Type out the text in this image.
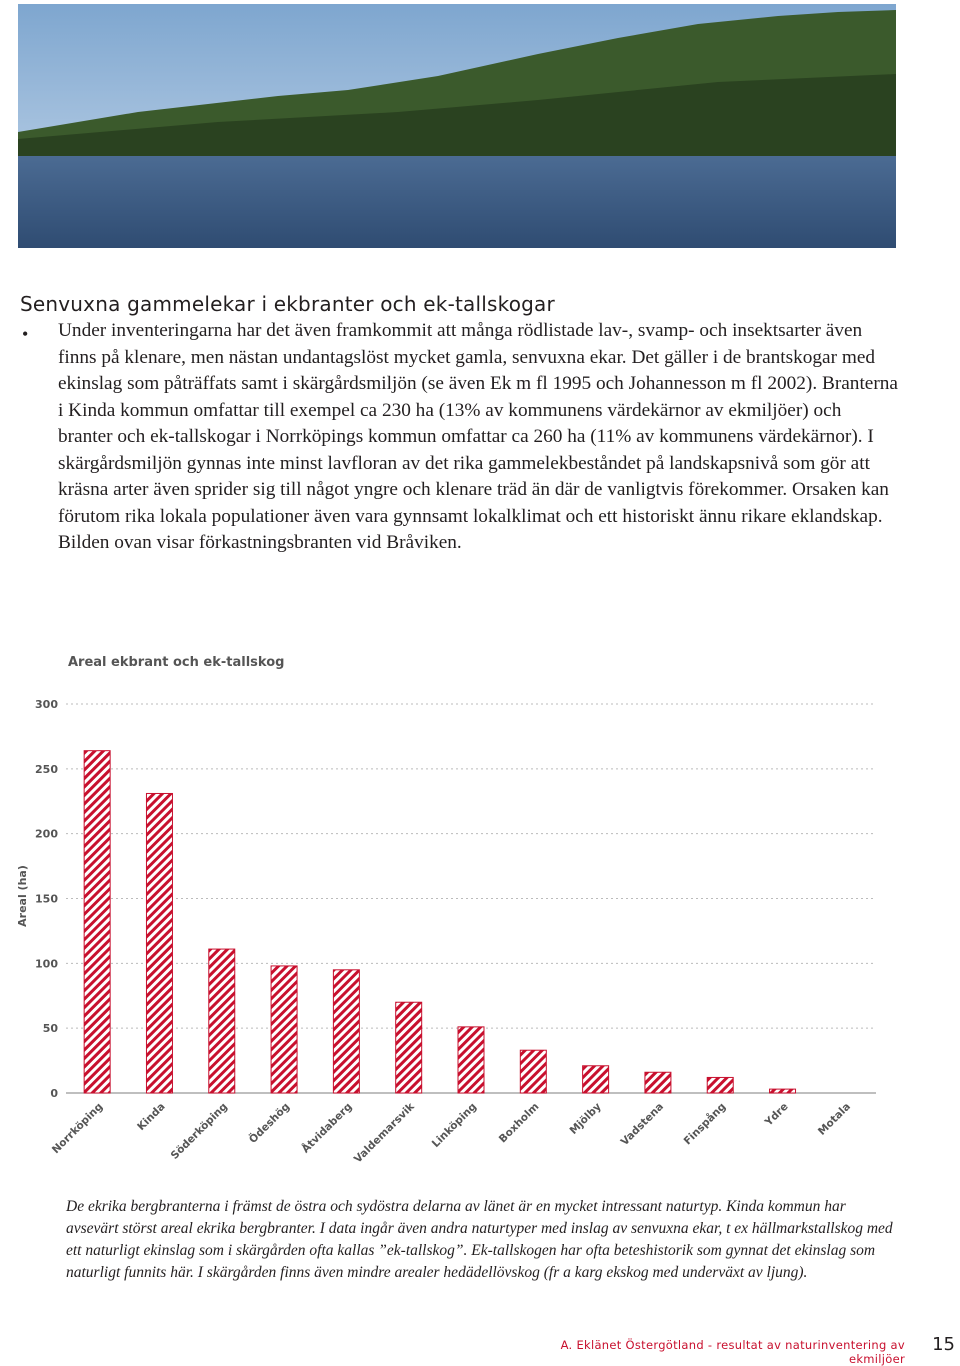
Senvuxna gammelekar i ekbranter och ek-tallskogar
• Under inventeringarna har det även framkommit att många rödlistade lav-, svamp- och insektsarter även finns på klenare, men nästan undantagslöst mycket gamla, senvuxna ekar. Det gäller i de brantskogar med ekinslag som påträffats samt i skärgårdsmiljön (se även Ek m fl 1995 och Johannesson m fl 2002). Branterna i Kinda kommun omfattar till exempel ca 230 ha (13% av kommunens värdekärnor av ekmiljöer) och branter och ek-tallskogar i Norrköpings kommun omfattar ca 260 ha (11% av kommunens värdekärnor). I skärgårdsmiljön gynnas inte minst lavfloran av det rika gammelekbeståndet på landskapsnivå som gör att kräsna arter även sprider sig till något yngre och klenare träd än där de vanligtvis förekommer. Orsaken kan förutom rika lokala populationer även vara gynnsamt lokalklimat och ett historiskt ännu rikare eklandskap. Bilden ovan visar förkastningsbranten vid Bråviken.

Areal ekbrant och ek-tallskog
Areal (ha)
0
50
100
150
200
250
300
Norrköping	Kinda Söderköping Ödeshög Åtvidaberg
Valdemarsvik Linköping Boxholm Mjölby Vadstena Finspång	Ydre Motala

De ekrika bergbranterna i främst de östra och sydöstra delarna av länet är en mycket intressant naturtyp. Kinda kommun har avsevärt störst areal ekrika bergbranter. I data ingår även andra naturtyper med inslag av senvuxna ekar, t ex hällmarkstallskog med ett naturligt ekinslag som i skärgården ofta kallas ”ek-tallskog”. Ek-tallskogen har ofta beteshistorik som gynnat det ekinslag som naturligt funnits här. I skärgården finns även mindre arealer hedädellövskog (fr a karg ekskog med underväxt av ljung).

A. Eklänet Östergötland - resultat av naturinventering av ekmiljöer
15
